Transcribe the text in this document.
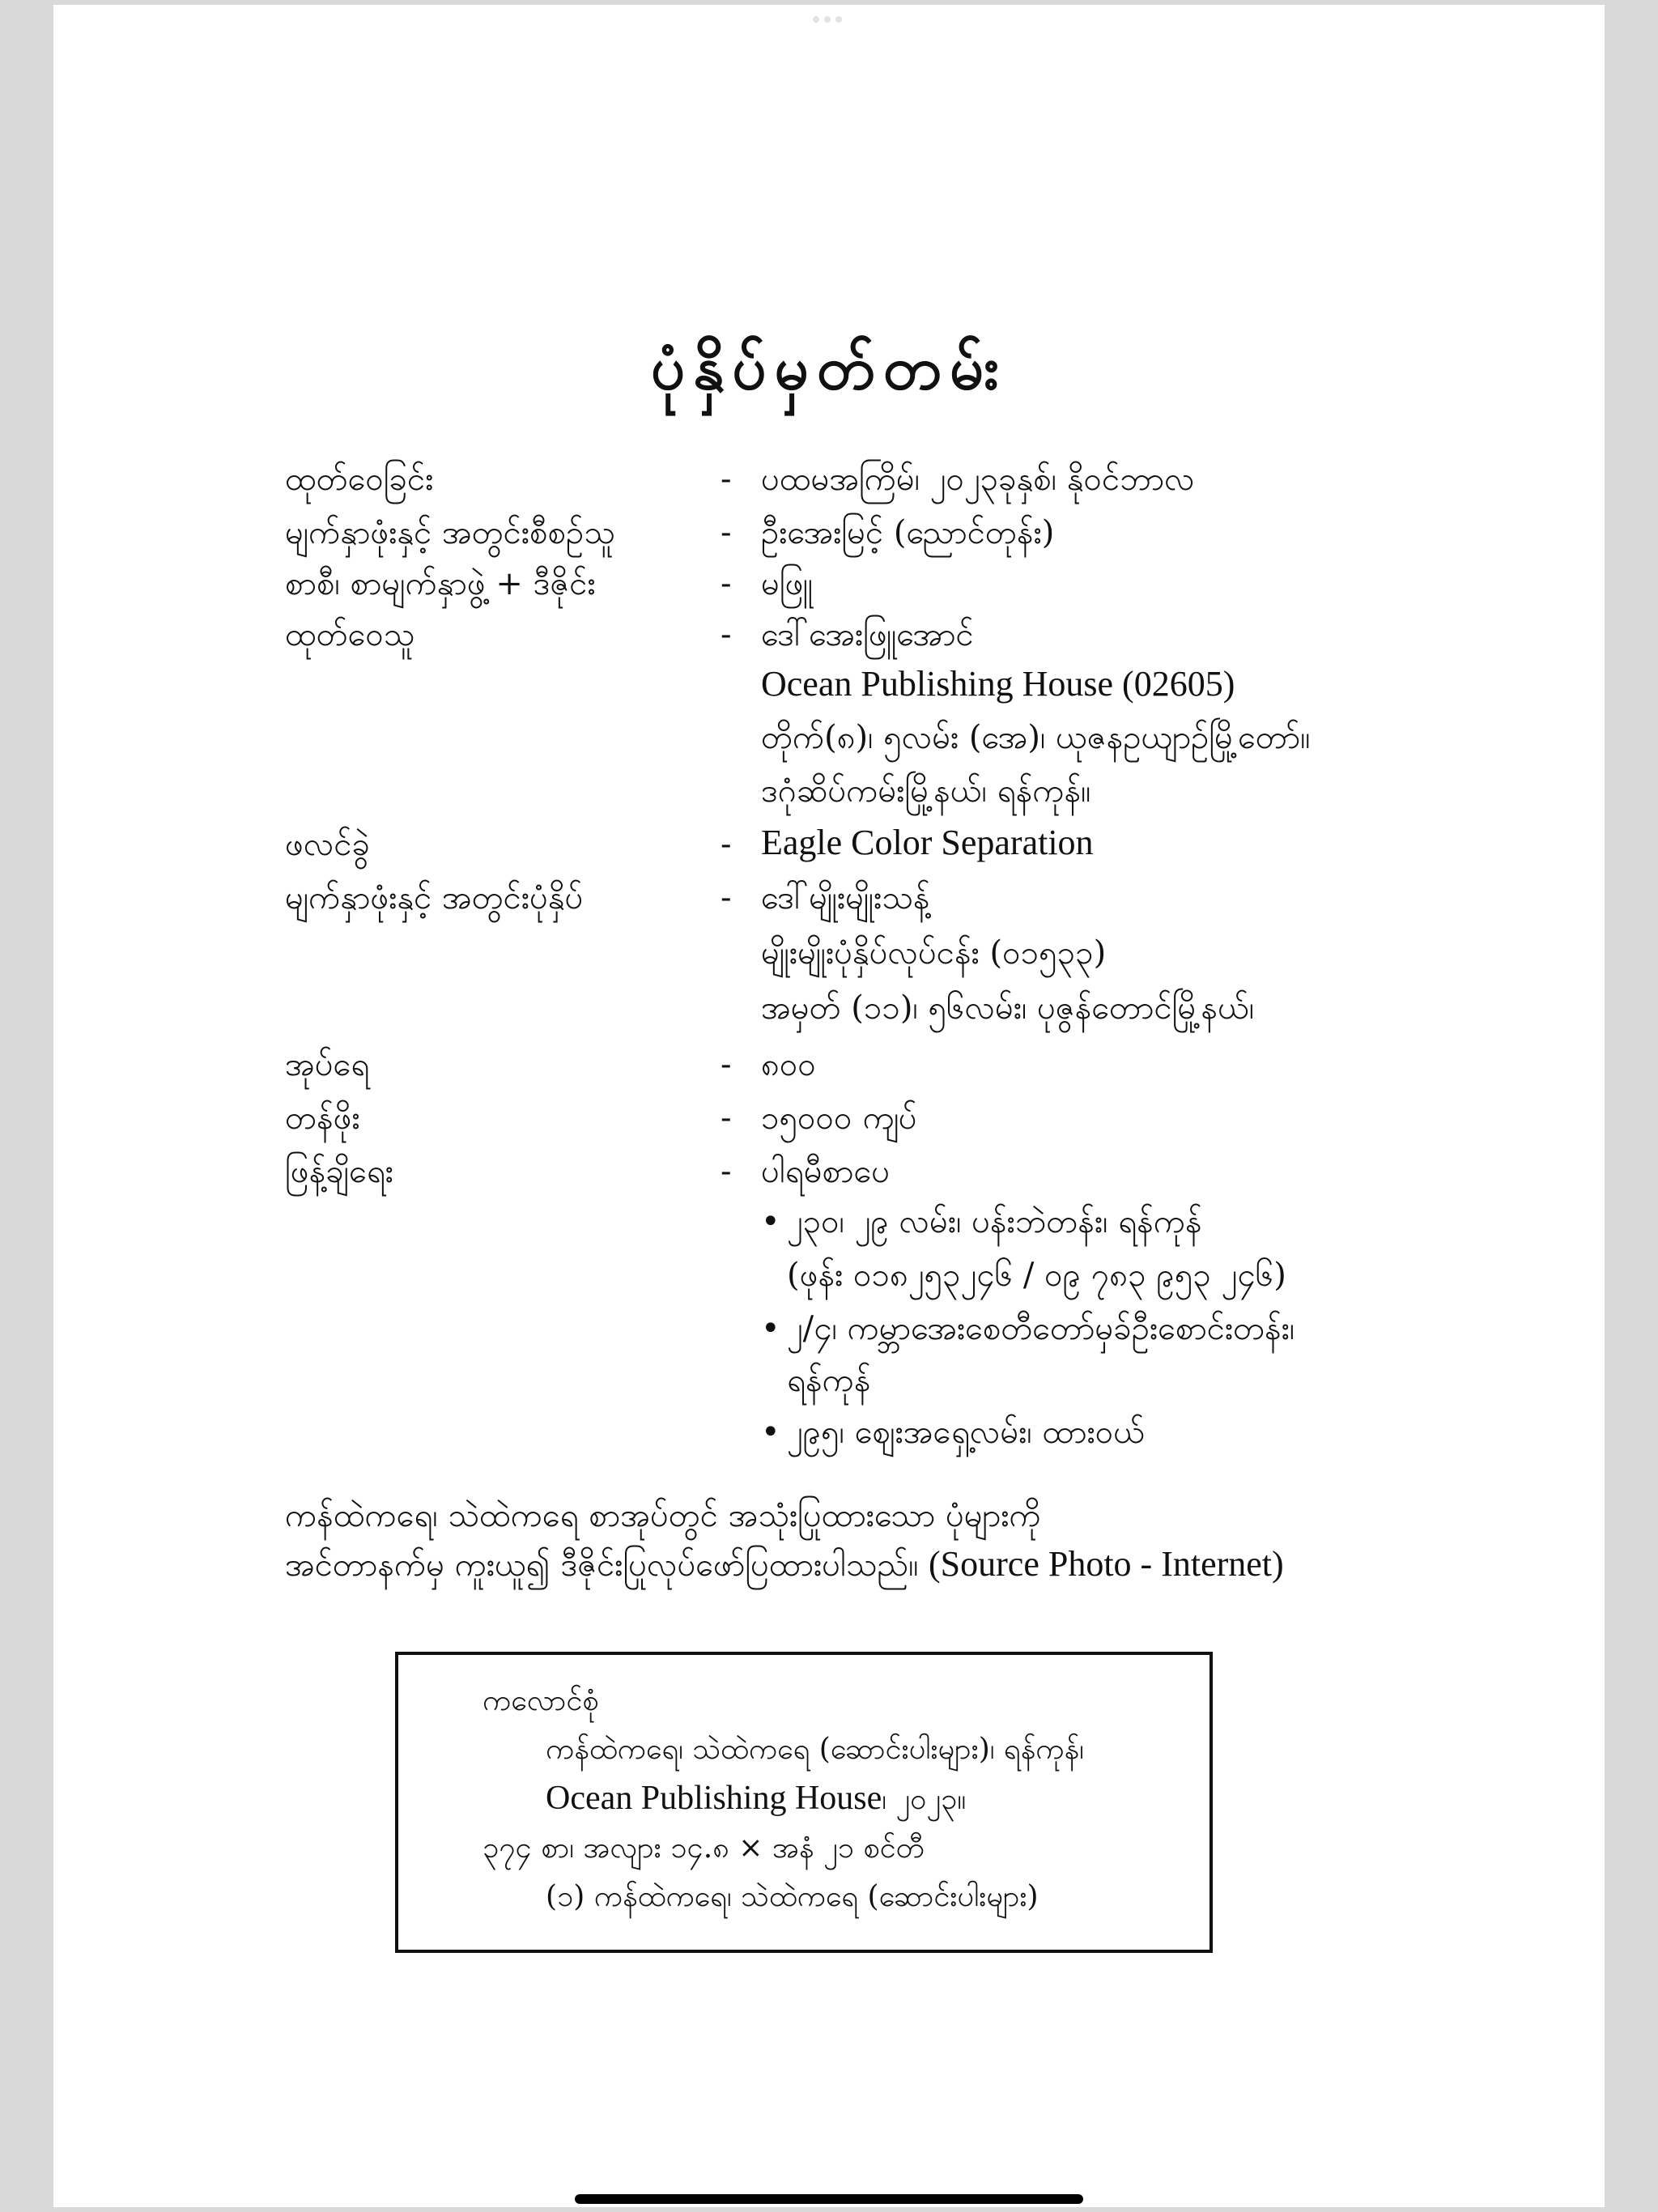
ပုံနှိပ်မှတ်တမ်း
ထုတ်ဝေခြင်း	- ပထမအကြိမ်၊ ၂၀၂၃ခုနှစ်၊ နိုဝင်ဘာလ
မျက်နှာဖုံးနှင့် အတွင်းစီစဉ်သူ	- ဦးအေးမြင့် (ညောင်တုန်း)
စာစီ၊ စာမျက်နှာဖွဲ့ + ဒီဇိုင်း	- မဖြူ
ထုတ်ဝေသူ	- ဒေါ်အေးဖြူအောင်
Ocean Publishing House (02605)
တိုက်(၈)၊ ၅လမ်း (အေ)၊ ယုဇနဥယျာဉ်မြို့တော်။
ဒဂုံဆိပ်ကမ်းမြို့နယ်၊ ရန်ကုန်။
ဖလင်ခွဲ	- Eagle Color Separation
မျက်နှာဖုံးနှင့် အတွင်းပုံနှိပ်	- ဒေါ်မျိုးမျိုးသန့်
မျိုးမျိုးပုံနှိပ်လုပ်ငန်း (၀၁၅၃၃)
အမှတ် (၁၁)၊ ၅၆လမ်း၊ ပုဇွန်တောင်မြို့နယ်၊
အုပ်ရေ	- ၈၀၀
တန်ဖိုး	- ၁၅၀၀၀ ကျပ်
ဖြန့်ချိရေး	- ပါရမီစာပေ
• ၂၃၀၊ ၂၉ လမ်း၊ ပန်းဘဲတန်း၊ ရန်ကုန်
(ဖုန်း ၀၁၈၂၅၃၂၄၆ / ၀၉ ၇၈၃ ၉၅၃ ၂၄၆)
• ၂/၄၊ ကမ္ဘာအေးစေတီတော်မှခ်ဦးစောင်းတန်း၊
ရန်ကုန်
• ၂၉၅၊ ဈေးအရှေ့လမ်း၊ ထားဝယ်
ကန်ထဲကရေ၊ သဲထဲကရေ စာအုပ်တွင် အသုံးပြုထားသော ပုံများကို
အင်တာနက်မှ ကူးယူ၍ ဒီဇိုင်းပြုလုပ်ဖော်ပြထားပါသည်။ (Source Photo - Internet)
ကလောင်စုံ
ကန်ထဲကရေ၊ သဲထဲကရေ (ဆောင်းပါးများ)၊ ရန်ကုန်၊
Ocean Publishing House၊ ၂၀၂၃။
၃၇၄ စာ၊ အလျား ၁၄.၈ × အနံ ၂၁ စင်တီ
(၁) ကန်ထဲကရေ၊ သဲထဲကရေ (ဆောင်းပါးများ)
